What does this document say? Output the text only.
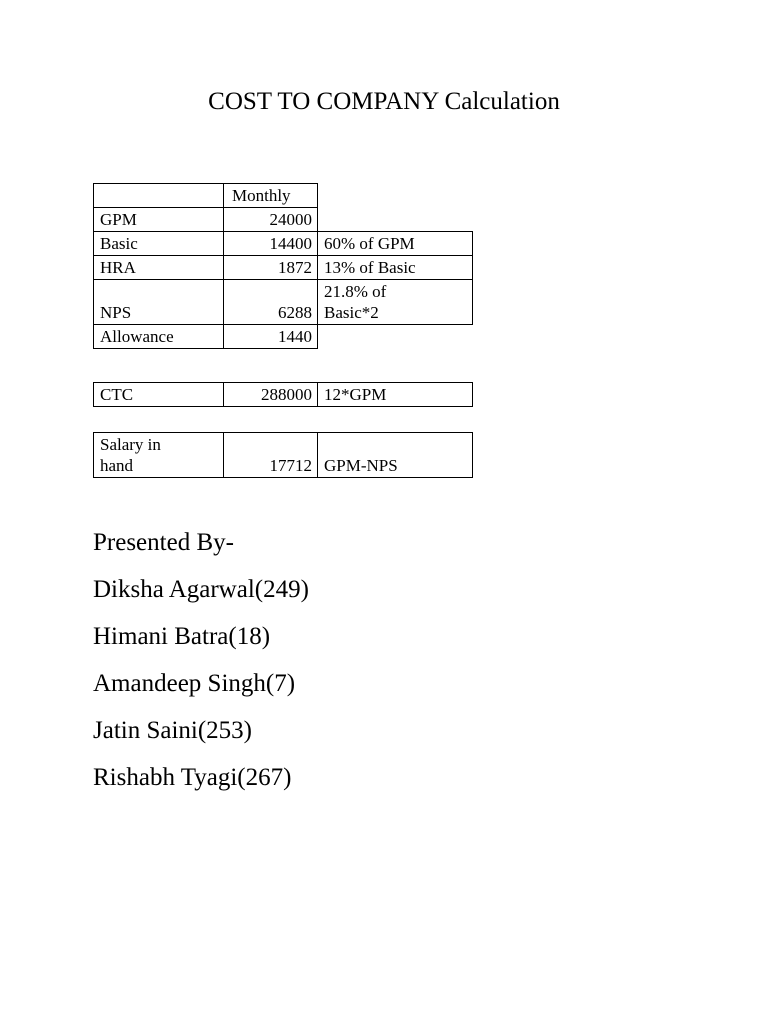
COST TO COMPANY Calculation
	Monthly	
GPM	24000	
Basic	14400	60% of GPM
HRA	1872	13% of Basic
NPS	6288	21.8% of
Basic*2

Allowance	1440	
CTC	288000	12*GPM
Salary in
hand	17712	GPM-NPS
Presented By-
Diksha Agarwal(249)
Himani Batra(18)
Amandeep Singh(7)
Jatin Saini(253)
Rishabh Tyagi(267)
